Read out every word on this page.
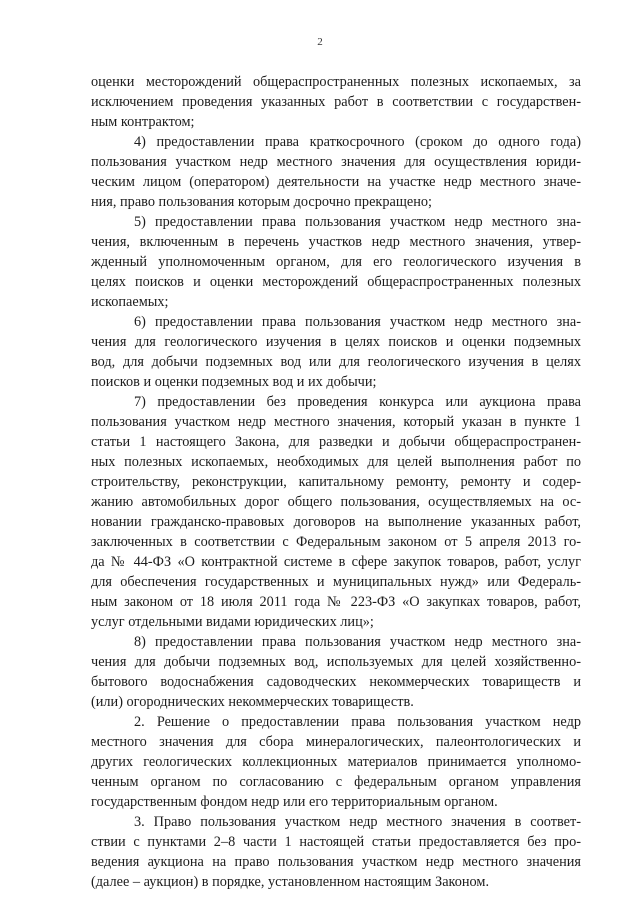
2
оценки месторождений общераспространенных полезных ископаемых, за
исключением проведения указанных работ в соответствии с государствен-
ным контрактом;
4) предоставлении права краткосрочного (сроком до одного года)
пользования участком недр местного значения для осуществления юриди-
ческим лицом (оператором) деятельности на участке недр местного значе-
ния, право пользования которым досрочно прекращено;
5) предоставлении права пользования участком недр местного зна-
чения, включенным в перечень участков недр местного значения, утвер-
жденный уполномоченным органом, для его геологического изучения в
целях поисков и оценки месторождений общераспространенных полезных
ископаемых;
6) предоставлении права пользования участком недр местного зна-
чения для геологического изучения в целях поисков и оценки подземных
вод, для добычи подземных вод или для геологического изучения в целях
поисков и оценки подземных вод и их добычи;
7) предоставлении без проведения конкурса или аукциона права
пользования участком недр местного значения, который указан в пункте 1
статьи 1 настоящего Закона, для разведки и добычи общераспространен-
ных полезных ископаемых, необходимых для целей выполнения работ по
строительству, реконструкции, капитальному ремонту, ремонту и содер-
жанию автомобильных дорог общего пользования, осуществляемых на ос-
новании гражданско-правовых договоров на выполнение указанных работ,
заключенных в соответствии с Федеральным законом от 5 апреля 2013 го-
да № 44-ФЗ «О контрактной системе в сфере закупок товаров, работ, услуг
для обеспечения государственных и муниципальных нужд» или Федераль-
ным законом от 18 июля 2011 года № 223-ФЗ «О закупках товаров, работ,
услуг отдельными видами юридических лиц»;
8) предоставлении права пользования участком недр местного зна-
чения для добычи подземных вод, используемых для целей хозяйственно-
бытового водоснабжения садоводческих некоммерческих товариществ и
(или) огороднических некоммерческих товариществ.
2. Решение о предоставлении права пользования участком недр
местного значения для сбора минералогических, палеонтологических и
других геологических коллекционных материалов принимается уполномо-
ченным органом по согласованию с федеральным органом управления
государственным фондом недр или его территориальным органом.
3. Право пользования участком недр местного значения в соответ-
ствии с пунктами 2–8 части 1 настоящей статьи предоставляется без про-
ведения аукциона на право пользования участком недр местного значения
(далее – аукцион) в порядке, установленном настоящим Законом.
